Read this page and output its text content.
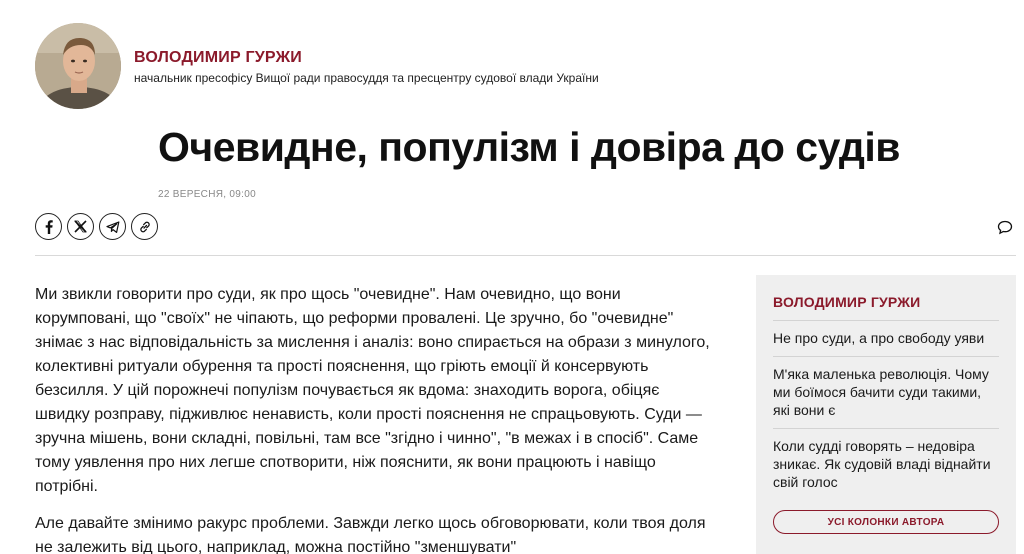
ВОЛОДИМИР ГУРЖИ
начальник пресофісу Вищої ради правосуддя та пресцентру судової влади України
Очевидне, популізм і довіра до судів
22 ВЕРЕСНЯ, 09:00

Ми звикли говорити про суди, як про щось "очевидне". Нам очевидно, що вони корумповані, що "своїх" не чіпають, що реформи провалені. Це зручно, бо "очевидне" знімає з нас відповідальність за мислення і аналіз: воно спирається на образи з минулого, колективні ритуали обурення та прості пояснення, що гріють емоції й консервують безсилля. У цій порожнечі популізм почувається як вдома: знаходить ворога, обіцяє швидку розправу, підживлює ненависть, коли прості пояснення не спрацьовують. Суди — зручна мішень, вони складні, повільні, там все "згідно і чинно", "в межах і в спосіб". Саме тому уявлення про них легше спотворити, ніж пояснити, як вони працюють і навіщо потрібні.

Але давайте змінимо ракурс проблеми. Завжди легко щось обговорювати, коли твоя доля не залежить від цього, наприклад, можна постійно "зменшувати"

ВОЛОДИМИР ГУРЖИ
Не про суди, а про свободу уяви
М'яка маленька революція. Чому ми боїмося бачити суди такими, які вони є
Коли судді говорять – недовіра зникає. Як судовій владі віднайти свій голос
УСІ КОЛОНКИ АВТОРА
